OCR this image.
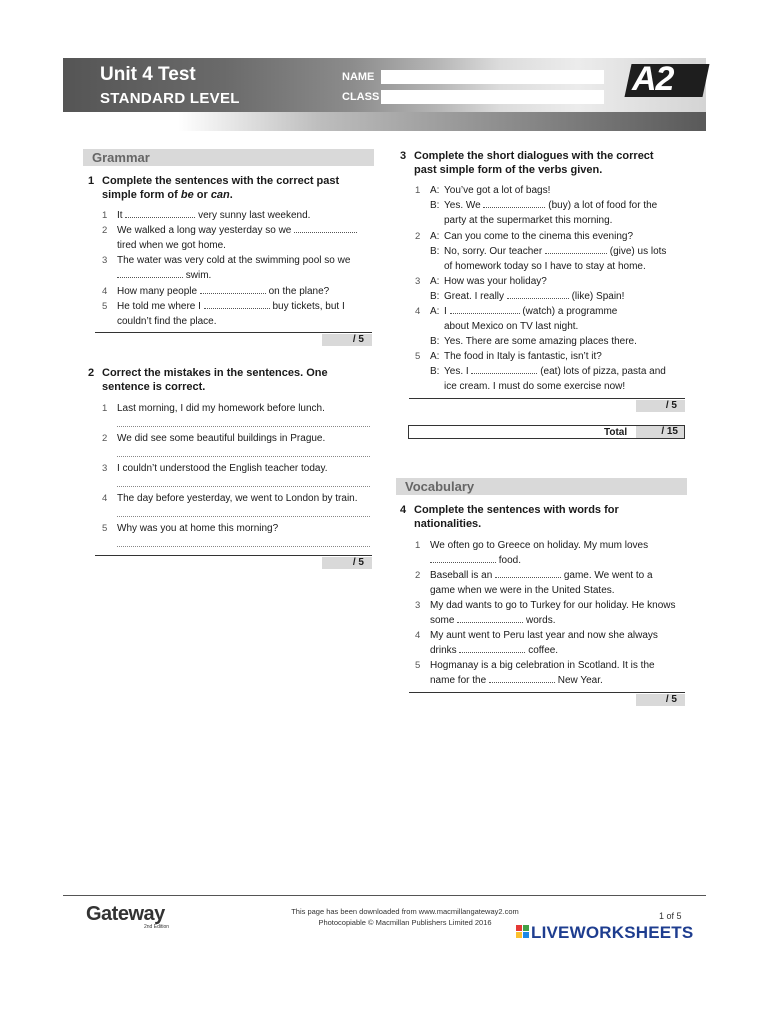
Unit 4 Test
STANDARD LEVEL
NAME
CLASS	A2
Grammar
1 Complete the sentences with the correct past
simple form of be or can.
1 It	very sunny last weekend.
2 We walked a long way yesterday so we
tired when we got home.
3 The water was very cold at the swimming pool so we
swim.
4 How many people	on the plane?
5 He told me where I	buy tickets, but I
couldn’t find the place.
/ 5
2 Correct the mistakes in the sentences. One
sentence is correct.
1 Last morning, I did my homework before lunch.
2 We did see some beautiful buildings in Prague.
3 I couldn’t understood the English teacher today.
4 The day before yesterday, we went to London by train.
5 Why was you at home this morning?
/ 5
3 Complete the short dialogues with the correct
past simple form of the verbs given.
1 A: You’ve got a lot of bags!
B: Yes. We	(buy) a lot of food for the
party at the supermarket this morning.
2 A: Can you come to the cinema this evening?
B: No, sorry. Our teacher	(give) us lots
of homework today so I have to stay at home.
3 A: How was your holiday?
B: Great. I really	(like) Spain!
4 A: I	(watch) a programme
about Mexico on TV last night.
B: Yes. There are some amazing places there.
5 A: The food in Italy is fantastic, isn’t it?
B: Yes. I	(eat) lots of pizza, pasta and
ice cream. I must do some exercise now!
/ 5
Total	/ 15
Vocabulary
4 Complete the sentences with words for
nationalities.
1 We often go to Greece on holiday. My mum loves
food.
2 Baseball is an	game. We went to a
game when we were in the United States.
3 My dad wants to go to Turkey for our holiday. He knows
some	words.
4 My aunt went to Peru last year and now she always
drinks	coffee.
5 Hogmanay is a big celebration in Scotland. It is the
name for the	New Year.
/ 5
Gateway
2nd Edition
This page has been downloaded from www.macmillangateway2.com
Photocopiable © Macmillan Publishers Limited 2016
1 of 5
LIVEWORKSHEETS
